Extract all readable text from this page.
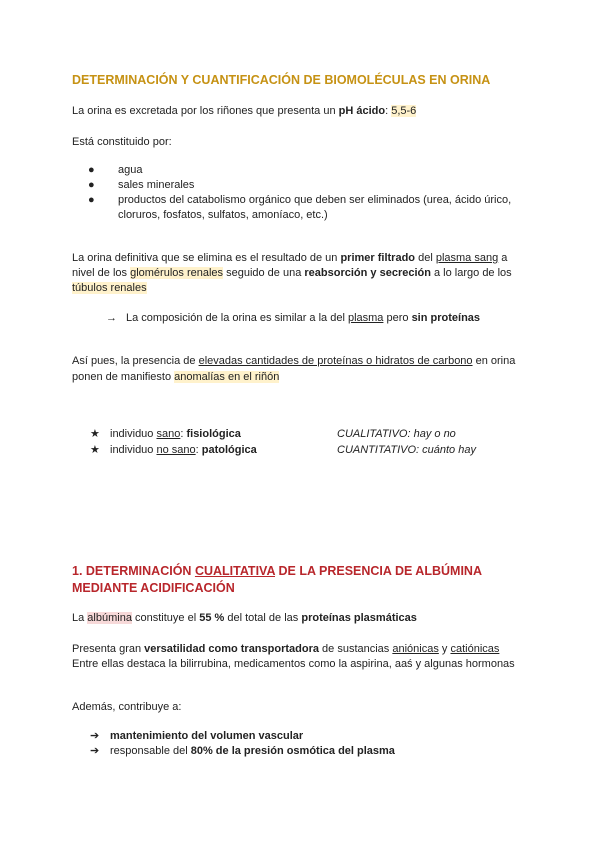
DETERMINACIÓN Y CUANTIFICACIÓN DE BIOMOLÉCULAS EN ORINA
La orina es excretada por los riñones que presenta un pH ácido: 5,5-6
Está constituido por:
● agua
● sales minerales
● productos del catabolismo orgánico que deben ser eliminados (urea, ácido úrico,
cloruros, fosfatos, sulfatos, amoníaco, etc.)
La orina definitiva que se elimina es el resultado de un primer filtrado del plasma sang a
nivel de los glomérulos renales seguido de una reabsorción y secreción a lo largo de los
túbulos renales
→ La composición de la orina es similar a la del plasma pero sin proteínas
Así pues, la presencia de elevadas cantidades de proteínas o hidratos de carbono en orina
ponen de manifiesto anomalías en el riñón
★ individuo sano: fisiológica	CUALITATIVO: hay o no
★ individuo no sano: patológica	CUANTITATIVO: cuánto hay
1. DETERMINACIÓN CUALITATIVA DE LA PRESENCIA DE ALBÚMINA
MEDIANTE ACIDIFICACIÓN
La albúmina constituye el 55 % del total de las proteínas plasmáticas
Presenta gran versatilidad como transportadora de sustancias aniónicas y catiónicas
Entre ellas destaca la bilirrubina, medicamentos como la aspirina, aaś y algunas hormonas
Además, contribuye a:
➔ mantenimiento del volumen vascular
➔ responsable del 80% de la presión osmótica del plasma
